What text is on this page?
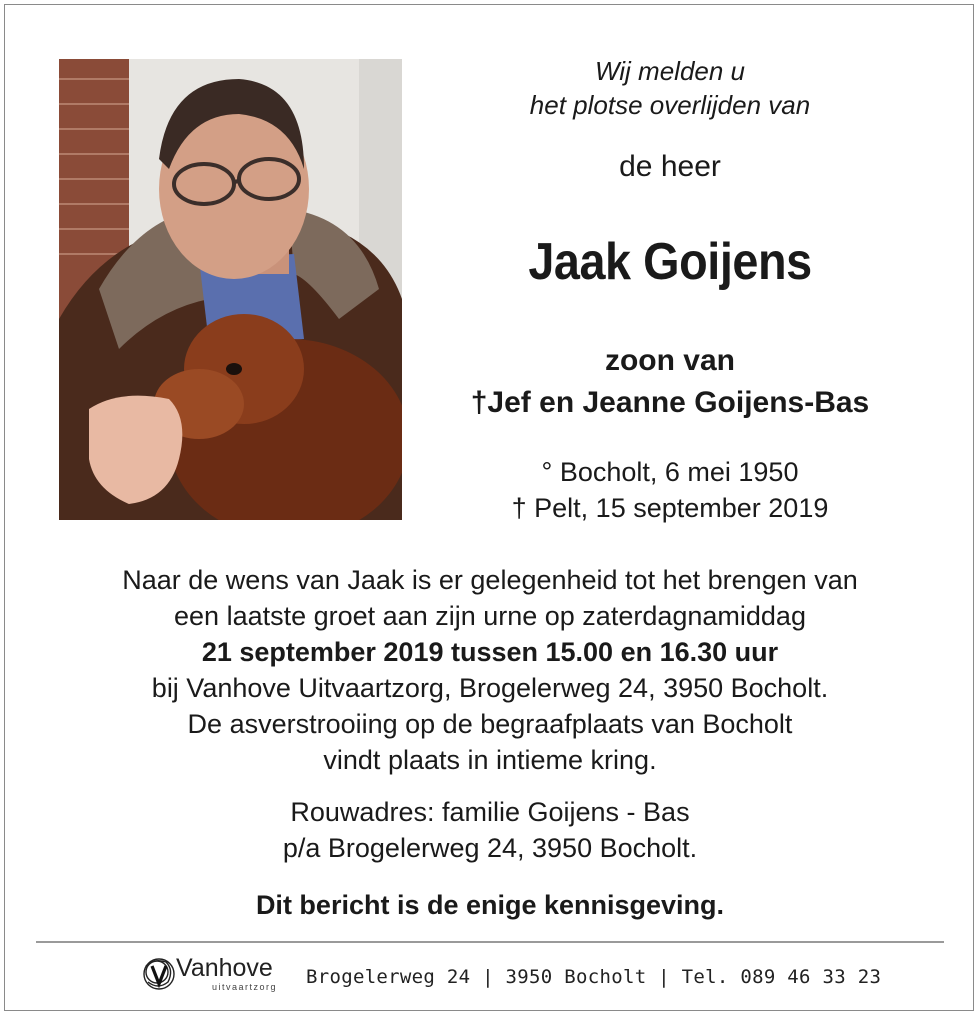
Wij melden u
het plotse overlijden van
de heer
Jaak Goijens
zoon van
†Jef en Jeanne Goijens-Bas
° Bocholt, 6 mei 1950
† Pelt, 15 september 2019
Naar de wens van Jaak is er gelegenheid tot het brengen van
een laatste groet aan zijn urne op zaterdagnamiddag
21 september 2019 tussen 15.00 en 16.30 uur
bij Vanhove Uitvaartzorg, Brogelerweg 24, 3950 Bocholt.
De asverstrooiing op de begraafplaats van Bocholt
vindt plaats in intieme kring.
Rouwadres: familie Goijens - Bas
p/a Brogelerweg 24, 3950 Bocholt.
Dit bericht is de enige kennisgeving.
Vanhove
uitvaartzorg Brogelerweg 24 | 3950 Bocholt | Tel. 089 46 33 23
